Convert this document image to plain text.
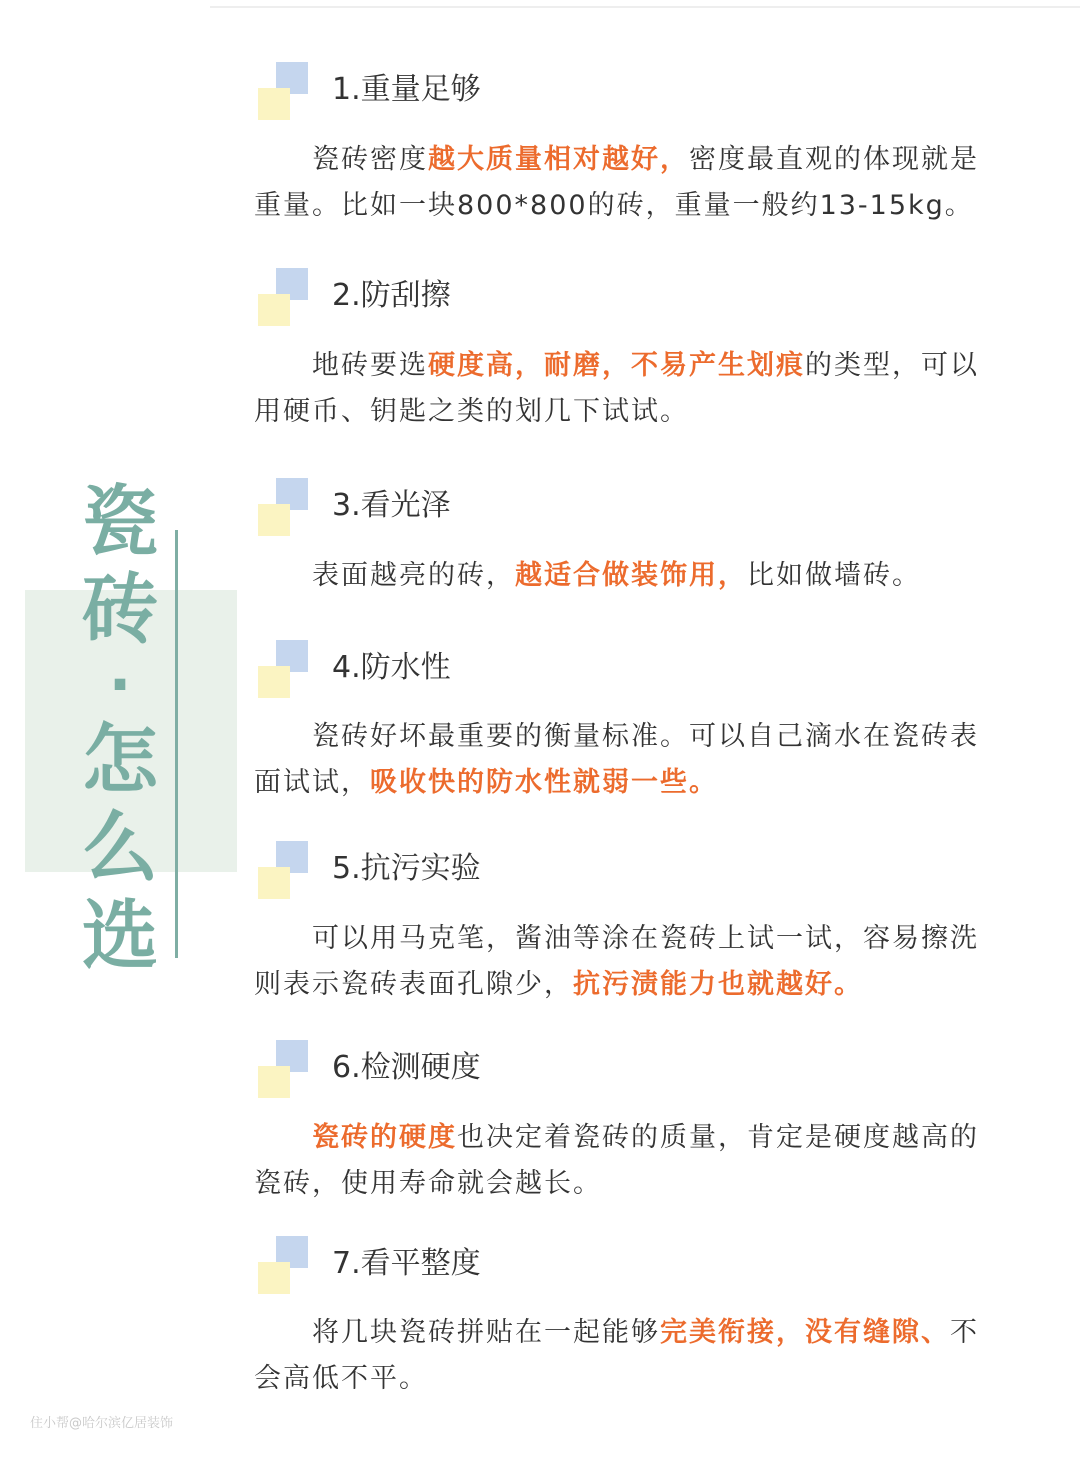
瓷
砖
·
怎
么
选
1.重量足够
瓷砖密度越大质量相对越好，密度最直观的体现就是
重量。比如一块800*800的砖，重量一般约13-15kg。
2.防刮擦
地砖要选硬度高，耐磨，不易产生划痕的类型，可以
用硬币、钥匙之类的划几下试试。
3.看光泽
表面越亮的砖，越适合做装饰用，比如做墙砖。
4.防水性
瓷砖好坏最重要的衡量标准。可以自己滴水在瓷砖表
面试试，吸收快的防水性就弱一些。
5.抗污实验
可以用马克笔，酱油等涂在瓷砖上试一试，容易擦洗
则表示瓷砖表面孔隙少，抗污渍能力也就越好。
6.检测硬度
瓷砖的硬度也决定着瓷砖的质量，肯定是硬度越高的
瓷砖，使用寿命就会越长。
7.看平整度
将几块瓷砖拼贴在一起能够完美衔接，没有缝隙、不
会高低不平。
住小帮@哈尔滨亿居装饰
